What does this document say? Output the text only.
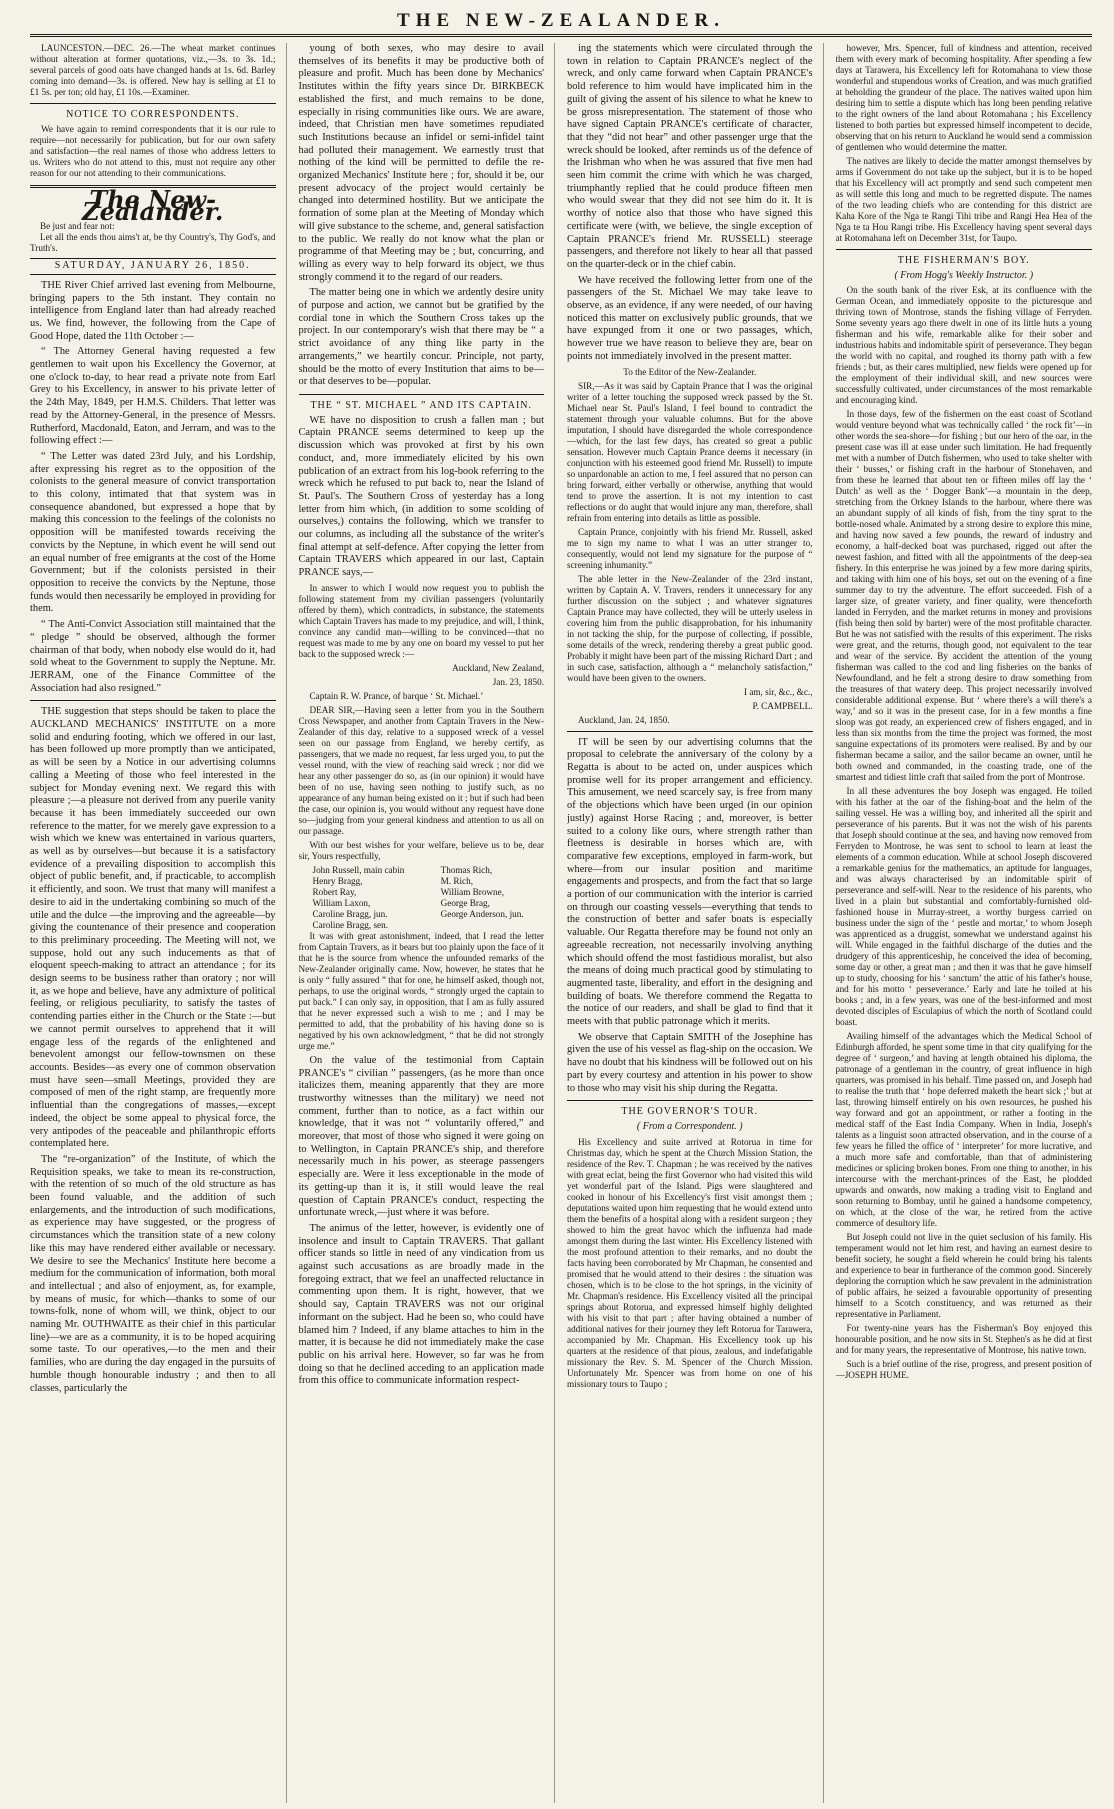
THE NEW-ZEALANDER.

LAUNCESTON.—DEC. 26.—The wheat market continues without alteration at former quotations, viz.,—3s. to 3s. 1d.; several parcels of good oats have changed hands at 1s. 6d. Barley coming into demand—3s. is offered. New hay is selling at £1 to £1 5s. per ton; old hay, £1 10s.—Examiner.

NOTICE TO CORRESPONDENTS.

We have again to remind correspondents that it is our rule to require—not necessarily for publication, but for our own safety and satisfaction—the real names of those who address letters to us. Writers who do not attend to this, must not require any other reason for our not attending to their communications.

The New-Zealander.

Be just and fear not:

Let all the ends thou aims't at, be thy Country's, Thy God's, and Truth's.

SATURDAY, JANUARY 26, 1850.

THE River Chief arrived last evening from Melbourne, bringing papers to the 5th instant. They contain no intelligence from England later than had already reached us. We find, however, the following from the Cape of Good Hope, dated the 11th October :—

“ The Attorney General having requested a few gentlemen to wait upon his Excellency the Governor, at one o'clock to-day, to hear read a private note from Earl Grey to his Excellency, in answer to his private letter of the 24th May, 1849, per H.M.S. Childers. That letter was read by the Attorney-General, in the presence of Messrs. Rutherford, Macdonald, Eaton, and Jerram, and was to the following effect :—

“ The Letter was dated 23rd July, and his Lordship, after expressing his regret as to the opposition of the colonists to the general measure of convict transportation to this colony, intimated that that system was in consequence abandoned, but expressed a hope that by making this concession to the feelings of the colonists no opposition will be manifested towards receiving the convicts by the Neptune, in which event he will send out an equal number of free emigrants at the cost of the Home Government; but if the colonists persisted in their opposition to receive the convicts by the Neptune, those funds would then necessarily be employed in providing for them.

“ The Anti-Convict Association still maintained that the “ pledge ” should be observed, although the former chairman of that body, when nobody else would do it, had sold wheat to the Government to supply the Neptune. Mr. JERRAM, one of the Finance Committee of the Association had also resigned.”

THE suggestion that steps should be taken to place the AUCKLAND MECHANICS' INSTITUTE on a more solid and enduring footing, which we offered in our last, has been followed up more promptly than we anticipated, as will be seen by a Notice in our advertising columns calling a Meeting of those who feel interested in the subject for Monday evening next. We regard this with pleasure ;—a pleasure not derived from any puerile vanity because it has been immediately succeeded our own reference to the matter, for we merely gave expression to a wish which we knew was entertained in various quarters, as well as by ourselves—but because it is a satisfactory evidence of a prevailing disposition to accomplish this object of public benefit, and, if practicable, to accomplish it efficiently, and soon. We trust that many will manifest a desire to aid in the undertaking combining so much of the utile and the dulce —the improving and the agreeable—by giving the countenance of their presence and cooperation to this preliminary proceeding. The Meeting will not, we suppose, hold out any such inducements as that of eloquent speech-making to attract an attendance ; for its design seems to be business rather than oratory ; nor will it, as we hope and believe, have any admixture of political feeling, or religious peculiarity, to satisfy the tastes of contending parties either in the Church or the State :—but we cannot permit ourselves to apprehend that it will engage less of the regards of the enlightened and benevolent amongst our fellow-townsmen on these accounts. Besides—as every one of common observation must have seen—small Meetings, provided they are composed of men of the right stamp, are frequently more influential than the congregations of masses,—except indeed, the object be some appeal to physical force, the very antipodes of the peaceable and philanthropic efforts contemplated here.

The “re-organization” of the Institute, of which the Requisition speaks, we take to mean its re-construction, with the retention of so much of the old structure as has been found valuable, and the addition of such enlargements, and the introduction of such modifications, as experience may have suggested, or the progress of circumstances which the transition state of a new colony like this may have rendered either available or necessary. We desire to see the Mechanics' Institute here become a medium for the communication of information, both moral and intellectual ; and also of enjoyment, as, for example, by means of music, for which—thanks to some of our towns-folk, none of whom will, we think, object to our naming Mr. OUTHWAITE as their chief in this particular line)—we are as a community, it is to be hoped acquiring some taste. To our operatives,—to the men and their families, who are during the day engaged in the pursuits of humble though honourable industry ; and then to all classes, particularly the

young of both sexes, who may desire to avail themselves of its benefits it may be productive both of pleasure and profit. Much has been done by Mechanics' Institutes within the fifty years since Dr. BIRKBECK established the first, and much remains to be done, especially in rising communities like ours. We are aware, indeed, that Christian men have sometimes repudiated such Institutions because an infidel or semi-infidel taint had polluted their management. We earnestly trust that nothing of the kind will be permitted to defile the re-organized Mechanics' Institute here ; for, should it be, our present advocacy of the project would certainly be changed into determined hostility. But we anticipate the formation of some plan at the Meeting of Monday which will give substance to the scheme, and, general satisfaction to the public. We really do not know what the plan or programme of that Meeting may be ; but, concurring, and willing as every way to help forward its object, we thus strongly commend it to the regard of our readers.

The matter being one in which we ardently desire unity of purpose and action, we cannot but be gratified by the cordial tone in which the Southern Cross takes up the project. In our contemporary's wish that there may be “ a strict avoidance of any thing like party in the arrangements,” we heartily concur. Principle, not party, should be the motto of every Institution that aims to be—or that deserves to be—popular.

THE “ ST. MICHAEL ” AND ITS CAPTAIN.

WE have no disposition to crush a fallen man ; but Captain PRANCE seems determined to keep up the discussion which was provoked at first by his own conduct, and, more immediately elicited by his own publication of an extract from his log-book referring to the wreck which he refused to put back to, near the Island of St. Paul's. The Southern Cross of yesterday has a long letter from him which, (in addition to some scolding of ourselves,) contains the following, which we transfer to our columns, as including all the substance of the writer's final attempt at self-defence. After copying the letter from Captain TRAVERS which appeared in our last, Captain PRANCE says,—

In answer to which I would now request you to publish the following statement from my civilian passengers (voluntarily offered by them), which contradicts, in substance, the statements which Captain Travers has made to my prejudice, and will, I think, convince any candid man—willing to be convinced—that no request was made to me by any one on board my vessel to put her back to the supposed wreck :—

Auckland, New Zealand,

Jan. 23, 1850.

Captain R. W. Prance, of barque ‘ St. Michael.’

DEAR SIR,—Having seen a letter from you in the Southern Cross Newspaper, and another from Captain Travers in the New-Zealander of this day, relative to a supposed wreck of a vessel seen on our passage from England, we hereby certify, as passengers, that we made no request, far less urged you, to put the vessel round, with the view of reaching said wreck ; nor did we hear any other passenger do so, as (in our opinion) it would have been of no use, having seen nothing to justify such, as no appearance of any human being existed on it ; but if such had been the case, our opinion is, you would without any request have done so—judging from your general kindness and attention to us all on our passage.

With our best wishes for your welfare, believe us to be, dear sir, Yours respectfully,

John Russell, main cabin	Thomas Rich,
Henry Bragg,	M. Rich,
Robert Ray,	William Browne,
William Laxon,	George Brag,
Caroline Bragg, jun.	George Anderson, jun.
Caroline Bragg, sen.	

It was with great astonishment, indeed, that I read the letter from Captain Travers, as it bears but too plainly upon the face of it that he is the source from whence the unfounded remarks of the New-Zealander originally came. Now, however, he states that he is only “ fully assured ” that for one, he himself asked, though not, perhaps, to use the original words, “ strongly urged the captain to put back.” I can only say, in opposition, that I am as fully assured that he never expressed such a wish to me ; and I may be permitted to add, that the probability of his having done so is negatived by his own acknowledgment, “ that he did not strongly urge me.”

On the value of the testimonial from Captain PRANCE's “ civilian ” passengers, (as he more than once italicizes them, meaning apparently that they are more trustworthy witnesses than the military) we need not comment, further than to notice, as a fact within our knowledge, that it was not “ voluntarily offered,” and moreover, that most of those who signed it were going on to Wellington, in Captain PRANCE's ship, and therefore necessarily much in his power, as steerage passengers especially are. Were it less exceptionable in the mode of its getting-up than it is, it still would leave the real question of Captain PRANCE's conduct, respecting the unfortunate wreck,—just where it was before.

The animus of the letter, however, is evidently one of insolence and insult to Captain TRAVERS. That gallant officer stands so little in need of any vindication from us against such accusations as are broadly made in the foregoing extract, that we feel an unaffected reluctance in commenting upon them. It is right, however, that we should say, Captain TRAVERS was not our original informant on the subject. Had he been so, who could have blamed him ? Indeed, if any blame attaches to him in the matter, it is because he did not immediately make the case public on his arrival here. However, so far was he from doing so that he declined acceding to an application made from this office to communicate information respect-

ing the statements which were circulated through the town in relation to Captain PRANCE's neglect of the wreck, and only came forward when Captain PRANCE's bold reference to him would have implicated him in the guilt of giving the assent of his silence to what he knew to be gross misrepresentation. The statement of those who have signed Captain PRANCE's certificate of character, that they “did not hear” and other passenger urge that the wreck should be looked, after reminds us of the defence of the Irishman who when he was assured that five men had seen him commit the crime with which he was charged, triumphantly replied that he could produce fifteen men who would swear that they did not see him do it. It is worthy of notice also that those who have signed this certificate were (with, we believe, the single exception of Captain PRANCE's friend Mr. RUSSELL) steerage passengers, and therefore not likely to hear all that passed on the quarter-deck or in the chief cabin.

We have received the following letter from one of the passengers of the St. Michael We may take leave to observe, as an evidence, if any were needed, of our having noticed this matter on exclusively public grounds, that we have expunged from it one or two passages, which, however true we have reason to believe they are, bear on points not immediately involved in the present matter.

To the Editor of the New-Zealander.

SIR,—As it was said by Captain Prance that I was the original writer of a letter touching the supposed wreck passed by the St. Michael near St. Paul's Island, I feel bound to contradict the statement through your valuable columns. But for the above imputation, I should have disregarded the whole correspondence—which, for the last few days, has created so great a public sensation. However much Captain Prance deems it necessary (in conjunction with his esteemed good friend Mr. Russell) to impute so unpardonable an action to me, I feel assured that no person can bring forward, either verbally or otherwise, anything that would tend to prove the assertion. It is not my intention to cast reflections or do aught that would injure any man, therefore, shall refrain from entering into details as little as possible.

Captain Prance, conjointly with his friend Mr. Russell, asked me to sign my name to what I was an utter stranger to, consequently, would not lend my signature for the purpose of “ screening inhumanity.”

The able letter in the New-Zealander of the 23rd instant, written by Captain A. V. Travers, renders it unnecessary for any further discussion on the subject ; and whatever signatures Captain Prance may have collected, they will be utterly useless in covering him from the public disapprobation, for his inhumanity in not tacking the ship, for the purpose of collecting, if possible, some details of the wreck, rendering thereby a great public good. Probably it might have been part of the missing Richard Dart ; and in such case, satisfaction, although a “ melancholy satisfaction,” would have been given to the owners.

I am, sir, &c., &c.,

P. CAMPBELL.

Auckland, Jan. 24, 1850.

IT will be seen by our advertising columns that the proposal to celebrate the anniversary of the colony by a Regatta is about to be acted on, under auspices which promise well for its proper arrangement and efficiency. This amusement, we need scarcely say, is free from many of the objections which have been urged (in our opinion justly) against Horse Racing ; and, moreover, is better suited to a colony like ours, where strength rather than fleetness is desirable in horses which are, with comparative few exceptions, employed in farm-work, but where—from our insular position and maritime engagements and prospects, and from the fact that so large a portion of our communication with the interior is carried on through our coasting vessels—everything that tends to the construction of better and safer boats is especially valuable. Our Regatta therefore may be found not only an agreeable recreation, not necessarily involving anything which should offend the most fastidious moralist, but also the means of doing much practical good by stimulating to augmented taste, liberality, and effort in the designing and building of boats. We therefore commend the Regatta to the notice of our readers, and shall be glad to find that it meets with that public patronage which it merits.

We observe that Captain SMITH of the Josephine has given the use of his vessel as flag-ship on the occasion. We have no doubt that his kindness will be followed out on his part by every courtesy and attention in his power to show to those who may visit his ship during the Regatta.

THE GOVERNOR'S TOUR.

( From a Correspondent. )

His Excellency and suite arrived at Rotorua in time for Christmas day, which he spent at the Church Mission Station, the residence of the Rev. T. Chapman ; he was received by the natives with great eclat, being the first Governor who had visited this wild yet wonderful part of the Island. Pigs were slaughtered and cooked in honour of his Excellency's first visit amongst them ; deputations waited upon him requesting that he would extend unto them the benefits of a hospital along with a resident surgeon ; they showed to him the great havoc which the influenza had made amongst them during the last winter. His Excellency listened with the most profound attention to their remarks, and no doubt the facts having been corroborated by Mr Chapman, he consented and promised that he would attend to their desires : the situation was chosen, which is to be close to the hot springs, in the vicinity of Mr. Chapman's residence. His Excellency visited all the principal springs about Rotorua, and expressed himself highly delighted with his visit to that part ; after having obtained a number of additional natives for their journey they left Rotorua for Tarawera, accompanied by Mr. Chapman. His Excellency took up his quarters at the residence of that pious, zealous, and indefatigable missionary the Rev. S. M. Spencer of the Church Mission. Unfortunately Mr. Spencer was from home on one of his missionary tours to Taupo ;

however, Mrs. Spencer, full of kindness and attention, received them with every mark of becoming hospitality. After spending a few days at Tarawera, his Excellency left for Rotomahana to view those wonderful and stupendous works of Creation, and was much gratified at beholding the grandeur of the place. The natives waited upon him desiring him to settle a dispute which has long been pending relative to the right owners of the land about Rotomahana ; his Excellency listened to both parties but expressed himself incompetent to decide, observing that on his return to Auckland he would send a commission of gentlemen who would determine the matter.

The natives are likely to decide the matter amongst themselves by arms if Government do not take up the subject, but it is to be hoped that his Excellency will act promptly and send such competent men as will settle this long and much to be regretted dispute. The names of the two leading chiefs who are contending for this district are Kaha Kore of the Nga te Rangi Tihi tribe and Rangi Hea Hea of the Nga te ta Hou Rangi tribe. His Excellency having spent several days at Rotomahana left on December 31st, for Taupo.

THE FISHERMAN'S BOY.

( From Hogg's Weekly Instructor. )

On the south bank of the river Esk, at its confluence with the German Ocean, and immediately opposite to the picturesque and thriving town of Montrose, stands the fishing village of Ferryden. Some seventy years ago there dwelt in one of its little huts a young fisherman and his wife, remarkable alike for their sober and industrious habits and indomitable spirit of perseverance. They began the world with no capital, and roughed its thorny path with a few friends ; but, as their cares multiplied, new fields were opened up for the employment of their individual skill, and new sources were successfully cultivated, under circumstances of the most remarkable and encouraging kind.

In those days, few of the fishermen on the east coast of Scotland would venture beyond what was technically called ‘ the rock fit’—in other words the sea-shore—for fishing ; but our hero of the oar, in the present case was ill at ease under such limitation. He had frequently met with a number of Dutch fishermen, who used to take shelter with their ‘ busses,’ or fishing craft in the harbour of Stonehaven, and from these he learned that about ten or fifteen miles off lay the ‘ Dutch’ as well as the ‘ Dogger Bank’—a mountain in the deep, stretching from the Orkney Islands to the harbour, where there was an abundant supply of all kinds of fish, from the tiny sprat to the bottle-nosed whale. Animated by a strong desire to explore this mine, and having now saved a few pounds, the reward of industry and economy, a half-decked boat was purchased, rigged out after the newest fashion, and fitted with all the appointments of the deep-sea fishery. In this enterprise he was joined by a few more daring spirits, and taking with him one of his boys, set out on the evening of a fine summer day to try the adventure. The effort succeeded. Fish of a larger size, of greater variety, and finer quality, were thenceforth landed in Ferryden, and the market returns in money and provisions (fish being then sold by barter) were of the most profitable character. But he was not satisfied with the results of this experiment. The risks were great, and the returns, though good, not equivalent to the tear and wear of the service. By accident the attention of the young fisherman was called to the cod and ling fisheries on the banks of Newfoundland, and he felt a strong desire to draw something from the treasures of that watery deep. This project necessarily involved considerable additional expense. But ‘ where there's a will there's a way,’ and so it was in the present case, for in a few months a fine sloop was got ready, an experienced crew of fishers engaged, and in less than six months from the time the project was formed, the most sanguine expectations of its promoters were realised. By and by our fisherman became a sailor, and the sailor became an owner, until he both owned and commanded, in the coasting trade, one of the smartest and tidiest little craft that sailed from the port of Montrose.

In all these adventures the boy Joseph was engaged. He toiled with his father at the oar of the fishing-boat and the helm of the sailing vessel. He was a willing boy, and inherited all the spirit and perseverance of his parents. But it was not the wish of his parents that Joseph should continue at the sea, and having now removed from Ferryden to Montrose, he was sent to school to learn at least the elements of a common education. While at school Joseph discovered a remarkable genius for the mathematics, an aptitude for languages, and was always characterised by an indomitable spirit of perseverance and self-will. Near to the residence of his parents, who lived in a plain but substantial and comfortably-furnished old-fashioned house in Murray-street, a worthy burgess carried on business under the sign of the ‘ pestle and mortar,’ to whom Joseph was apprenticed as a druggist, somewhat we understand against his will. While engaged in the faithful discharge of the duties and the drudgery of this apprenticeship, he conceived the idea of becoming, some day or other, a great man ; and then it was that he gave himself up to study, choosing for his ‘ sanctum’ the attic of his father's house, and for his motto ‘ perseverance.’ Early and late he toiled at his books ; and, in a few years, was one of the best-informed and most devoted disciples of Esculapius of which the north of Scotland could boast.

Availing himself of the advantages which the Medical School of Edinburgh afforded, he spent some time in that city qualifying for the degree of ‘ surgeon,’ and having at length obtained his diploma, the patronage of a gentleman in the country, of great influence in high quarters, was promised in his behalf. Time passed on, and Joseph had to realise the truth that ‘ hope deferred maketh the heart sick ;’ but at last, throwing himself entirely on his own resources, he pushed his way forward and got an appointment, or rather a footing in the medical staff of the East India Company. When in India, Joseph's talents as a linguist soon attracted observation, and in the course of a few years he filled the office of ‘ interpreter’ for more lucrative, and a much more safe and comfortable, than that of administering medicines or splicing broken bones. From one thing to another, in his intercourse with the merchant-princes of the East, he plodded upwards and onwards, now making a trading visit to England and soon returning to Bombay, until he gained a handsome competency, on which, at the close of the war, he retired from the active commerce of desultory life.

But Joseph could not live in the quiet seclusion of his family. His temperament would not let him rest, and having an earnest desire to benefit society, he sought a field wherein he could bring his talents and experience to bear in furtherance of the common good. Sincerely deploring the corruption which he saw prevalent in the administration of public affairs, he seized a favourable opportunity of presenting himself to a Scotch constituency, and was returned as their representative in Parliament.

For twenty-nine years has the Fisherman's Boy enjoyed this honourable position, and he now sits in St. Stephen's as he did at first and for many years, the representative of Montrose, his native town.

Such is a brief outline of the rise, progress, and present position of—JOSEPH HUME.
